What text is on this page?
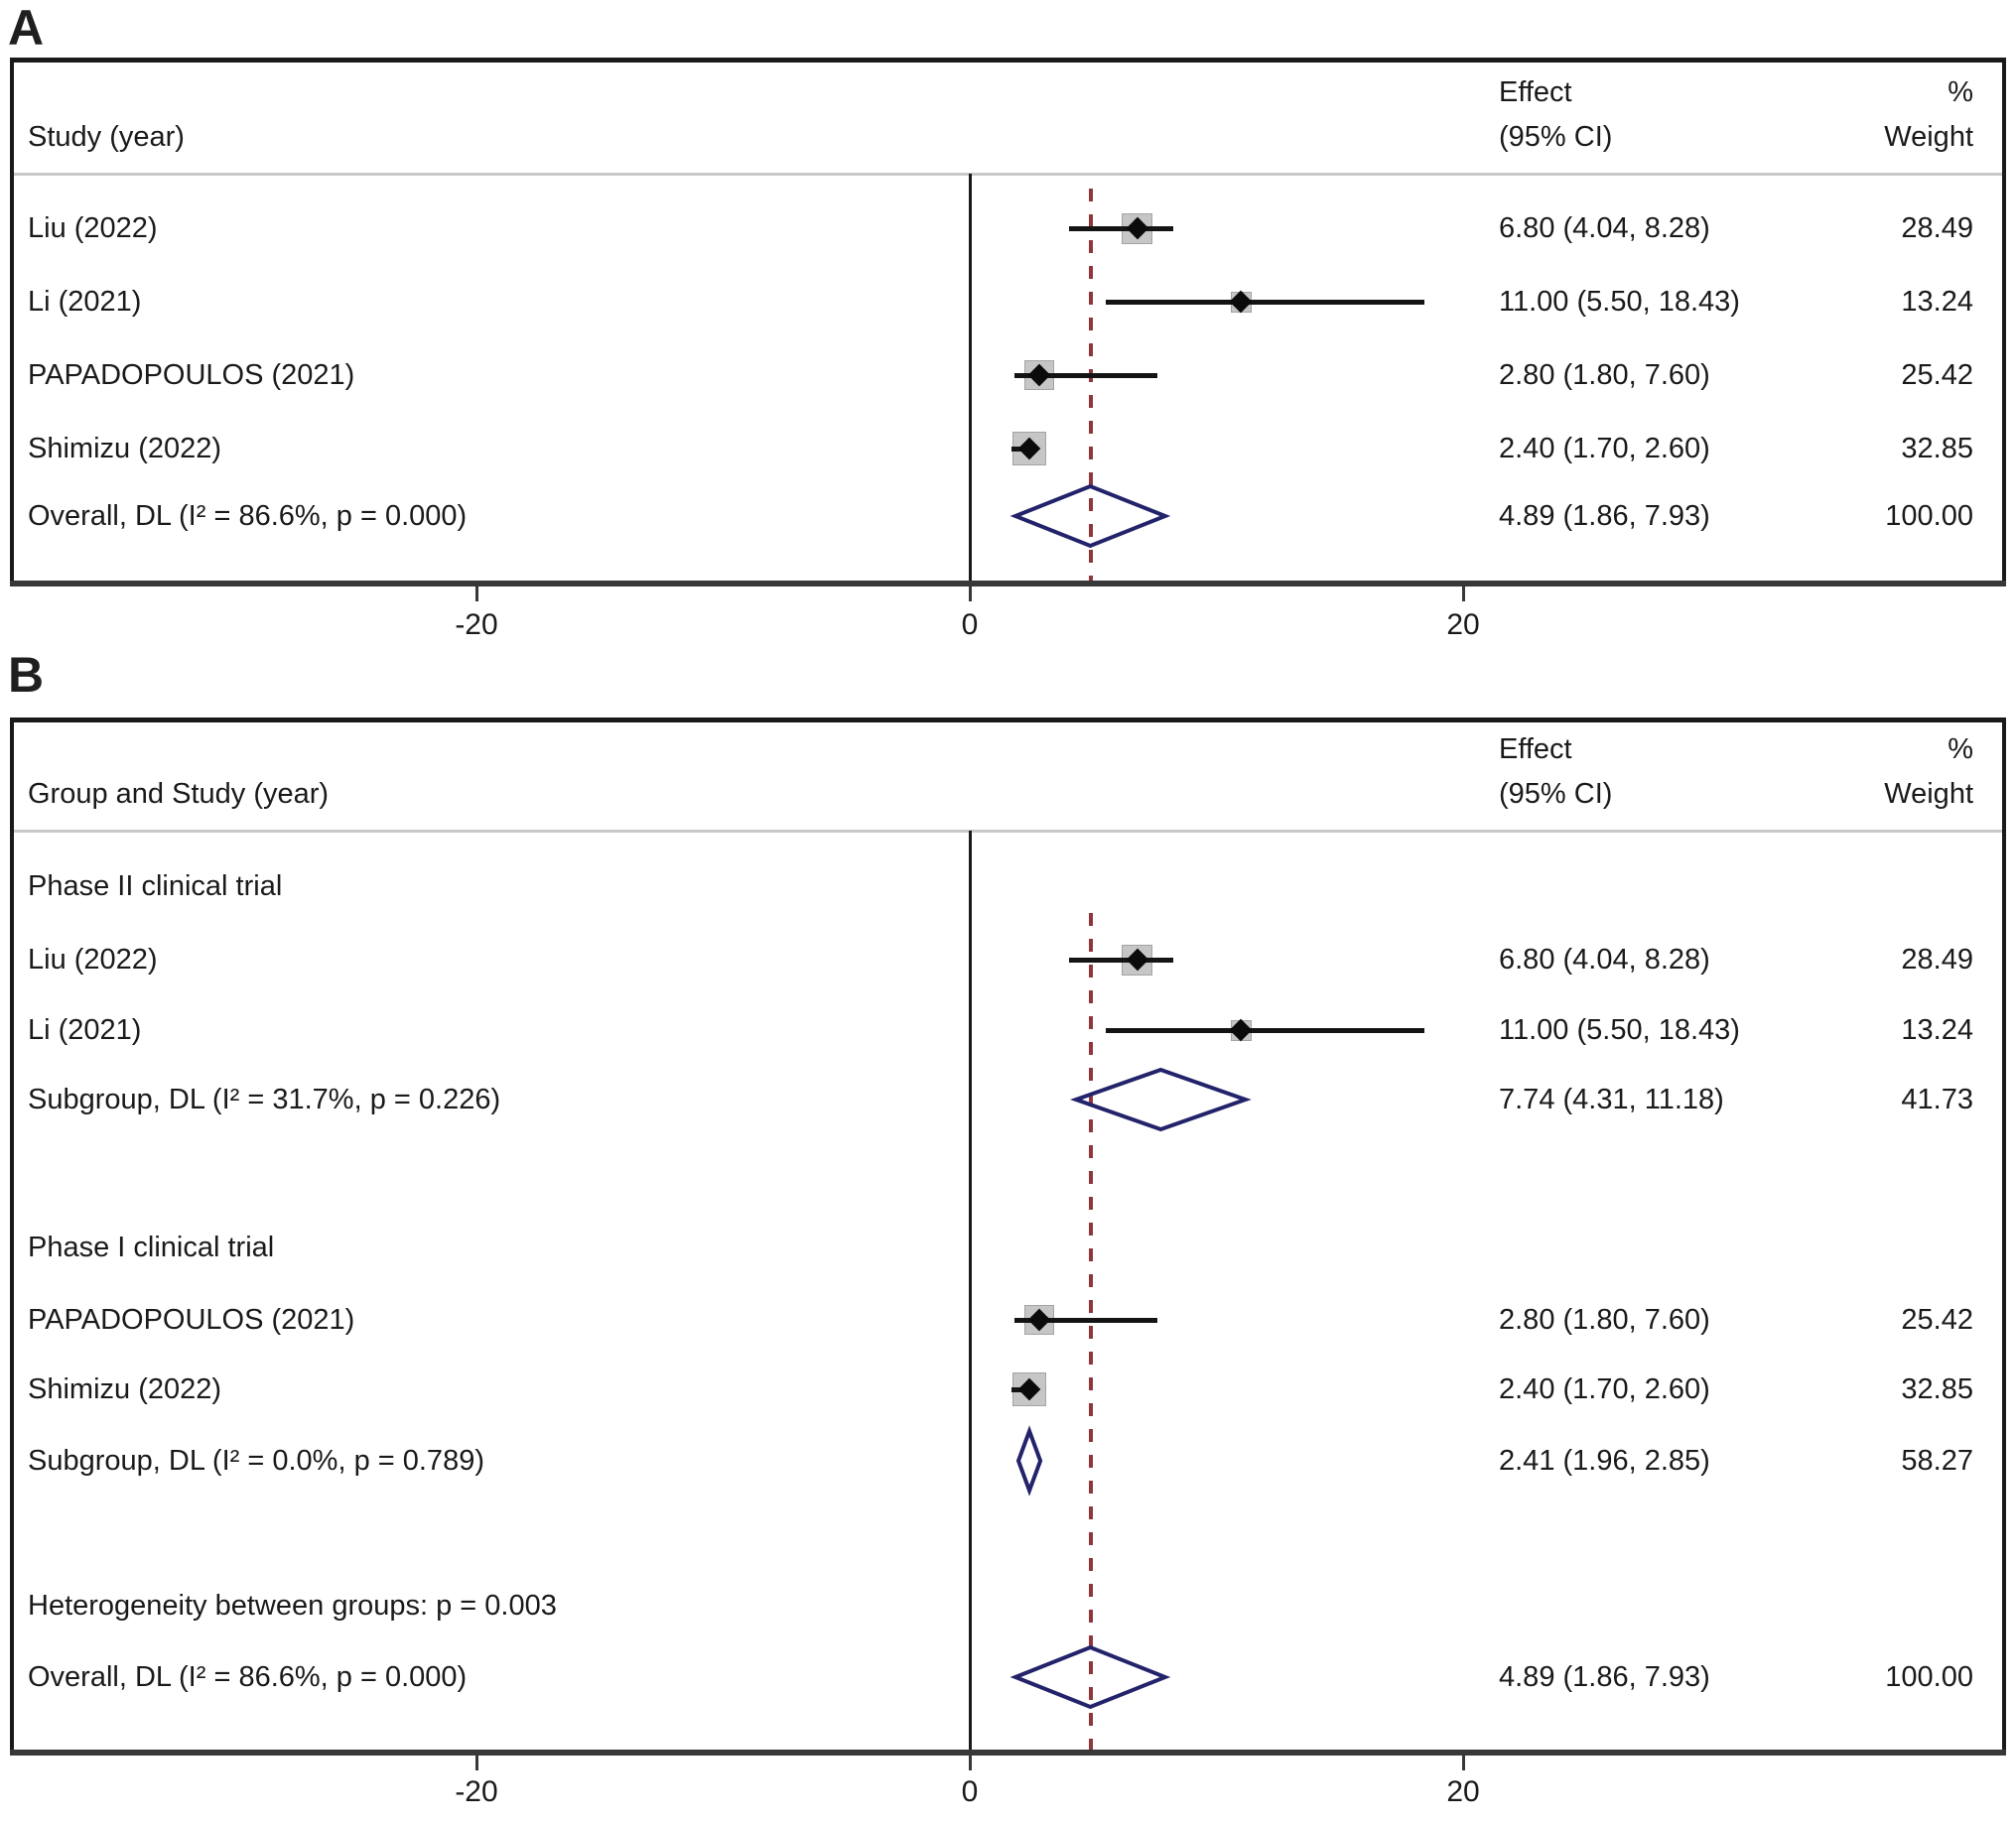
A
Study (year)
Effect
(95% CI)
%
Weight
Liu (2022)	6.80 (4.04, 8.28)	28.49
Li (2021)	11.00 (5.50, 18.43)	13.24
PAPADOPOULOS (2021)	2.80 (1.80, 7.60)	25.42
Shimizu (2022)	2.40 (1.70, 2.60)	32.85
Overall, DL (I² = 86.6%, p = 0.000)	4.89 (1.86, 7.93)	100.00
-20	0	20
B
Group and Study (year)
Effect
(95% CI)
%
Weight
Phase II clinical trial
Liu (2022)	6.80 (4.04, 8.28)	28.49
Li (2021)	11.00 (5.50, 18.43)	13.24
Subgroup, DL (I² = 31.7%, p = 0.226)	7.74 (4.31, 11.18)	41.73
Phase I clinical trial
PAPADOPOULOS (2021)	2.80 (1.80, 7.60)	25.42
Shimizu (2022)	2.40 (1.70, 2.60)	32.85
Subgroup, DL (I² = 0.0%, p = 0.789)	2.41 (1.96, 2.85)	58.27
Heterogeneity between groups: p = 0.003
Overall, DL (I² = 86.6%, p = 0.000)	4.89 (1.86, 7.93)	100.00
-20	0	20
